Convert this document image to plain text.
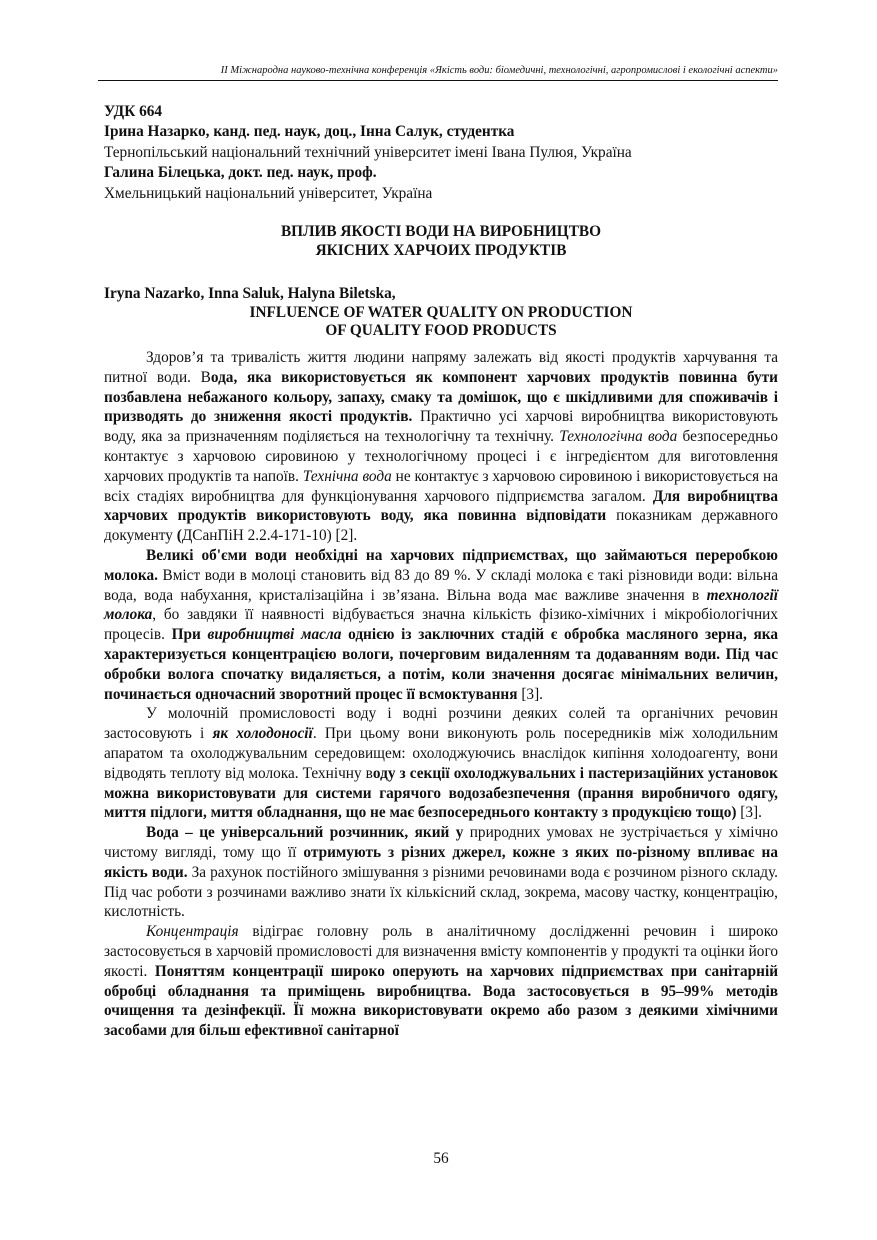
ІІ Міжнародна науково-технічна конференція «Якість води: біомедичні, технологічні, агропромислові і екологічні аспекти»
УДК 664
Ірина Назарко, канд. пед. наук, доц., Інна Салук, студентка
Тернопільський національний технічний університет імені Івана Пулюя, Україна
Галина Білецька, докт. пед. наук, проф.
Хмельницький національний університет, Україна
ВПЛИВ ЯКОСТІ ВОДИ НА ВИРОБНИЦТВО
ЯКІСНИХ ХАРЧОИХ ПРОДУКТІВ
Iryna Nazarko, Inna Saluk, Halyna Biletska,
INFLUENCE OF WATER QUALITY ON PRODUCTION
OF QUALITY FOOD PRODUCTS

Здоров’я та тривалість життя людини напряму залежать від якості продуктів харчування та питної води. Вода, яка використовується як компонент харчових продуктів повинна бути позбавлена небажаного кольору, запаху, смаку та домішок, що є шкідливими для споживачів і призводять до зниження якості продуктів. Практично усі харчові виробництва використовують воду, яка за призначенням поділяється на технологічну та технічну. Технологічна вода безпосередньо контактує з харчовою сировиною у технологічному процесі і є інгредієнтом для виготовлення харчових продуктів та напоїв. Технічна вода не контактує з харчовою сировиною і використовується на всіх стадіях виробництва для функціонування харчового підприємства загалом. Для виробництва харчових продуктів використовують воду, яка повинна відповідати показникам державного документу (ДСанПіН 2.2.4-171-10) [2].

Великі об'єми води необхідні на харчових підприємствах, що займаються переробкою молока. Вміст води в молоці становить від 83 до 89 %. У складі молока є такі різновиди води: вільна вода, вода набухання, кристалізаційна і зв’язана. Вільна вода має важливе значення в технології молока, бо завдяки її наявності відбувається значна кількість фізико-хімічних і мікробіологічних процесів. При виробництві масла однією із заключних стадій є обробка масляного зерна, яка характеризується концентрацією вологи, почерговим видаленням та додаванням води. Під час обробки волога спочатку видаляється, а потім, коли значення досягає мінімальних величин, починається одночасний зворотний процес її всмоктування [3].

У молочній промисловості воду і водні розчини деяких солей та органічних речовин застосовують і як холодоносії. При цьому вони виконують роль посередників між холодильним апаратом та охолоджувальним середовищем: охолоджуючись внаслідок кипіння холодоагенту, вони відводять теплоту від молока. Технічну воду з секції охолоджувальних і пастеризаційних установок можна використовувати для системи гарячого водозабезпечення (прання виробничого одягу, миття підлоги, миття обладнання, що не має безпосереднього контакту з продукцією тощо) [3].

Вода – це універсальний розчинник, який у природних умовах не зустрічається у хімічно чистому вигляді, тому що її отримують з різних джерел, кожне з яких по-різному впливає на якість води. За рахунок постійного змішування з різними речовинами вода є розчином різного складу. Під час роботи з розчинами важливо знати їх кількісний склад, зокрема, масову частку, концентрацію, кислотність.

Концентрація відіграє головну роль в аналітичному дослідженні речовин і широко застосовується в харчовій промисловості для визначення вмісту компонентів у продукті та оцінки його якості. Поняттям концентрації широко оперують на харчових підприємствах при санітарній обробці обладнання та приміщень виробництва. Вода застосовується в 95–99% методів очищення та дезінфекції. Її можна використовувати окремо або разом з деякими хімічними засобами для більш ефективної санітарної

56
